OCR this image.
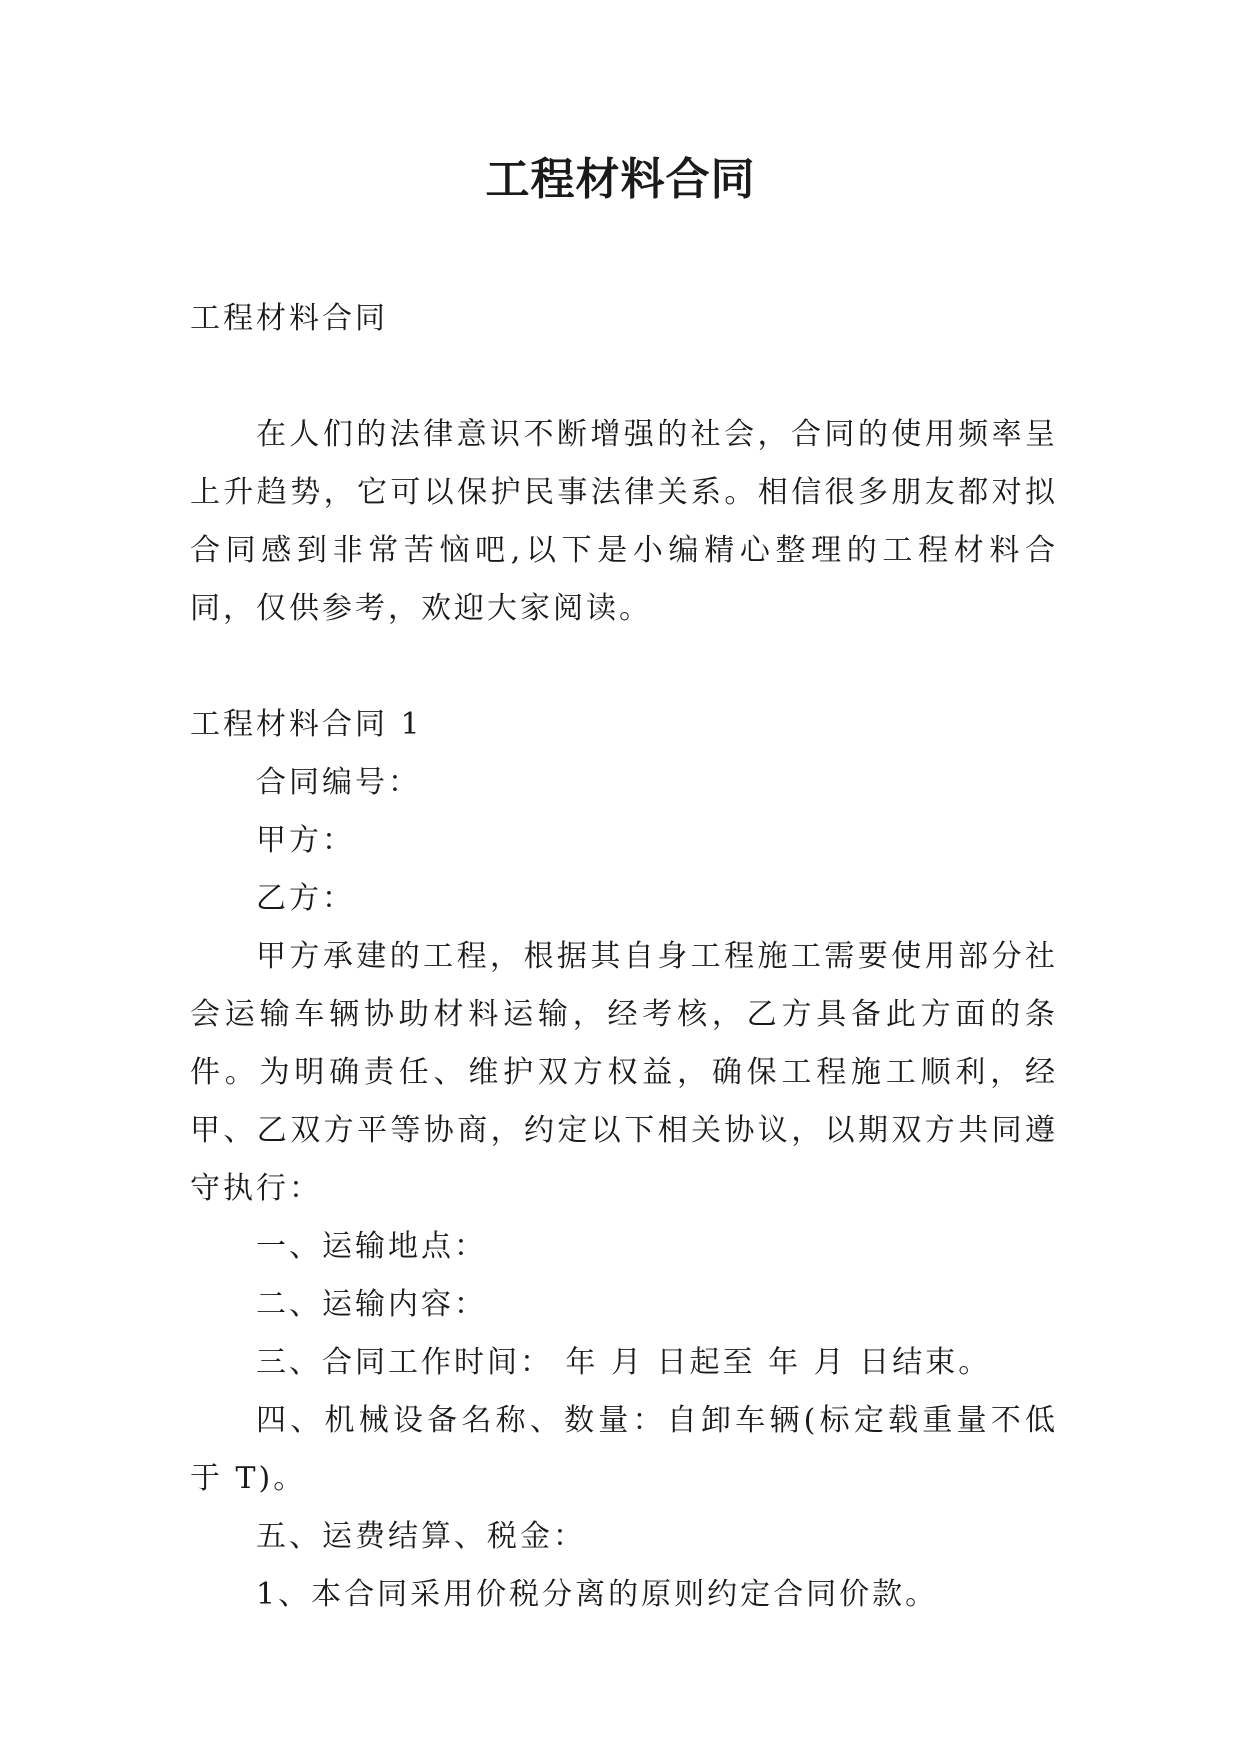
工程材料合同

工程材料合同

在人们的法律意识不断增强的社会，合同的使用频率呈上升趋势，它可以保护民事法律关系。相信很多朋友都对拟合同感到非常苦恼吧,以下是小编精心整理的工程材料合同，仅供参考，欢迎大家阅读。

工程材料合同 1

合同编号：

甲方：

乙方：

甲方承建的工程，根据其自身工程施工需要使用部分社会运输车辆协助材料运输，经考核，乙方具备此方面的条件。为明确责任、维护双方权益，确保工程施工顺利，经甲、乙双方平等协商，约定以下相关协议，以期双方共同遵守执行：

一、运输地点：

二、运输内容：

三、合同工作时间： 年 月 日起至 年 月 日结束。

四、机械设备名称、数量：自卸车辆(标定载重量不低于 T)。

五、运费结算、税金：

1、本合同采用价税分离的原则约定合同价款。
